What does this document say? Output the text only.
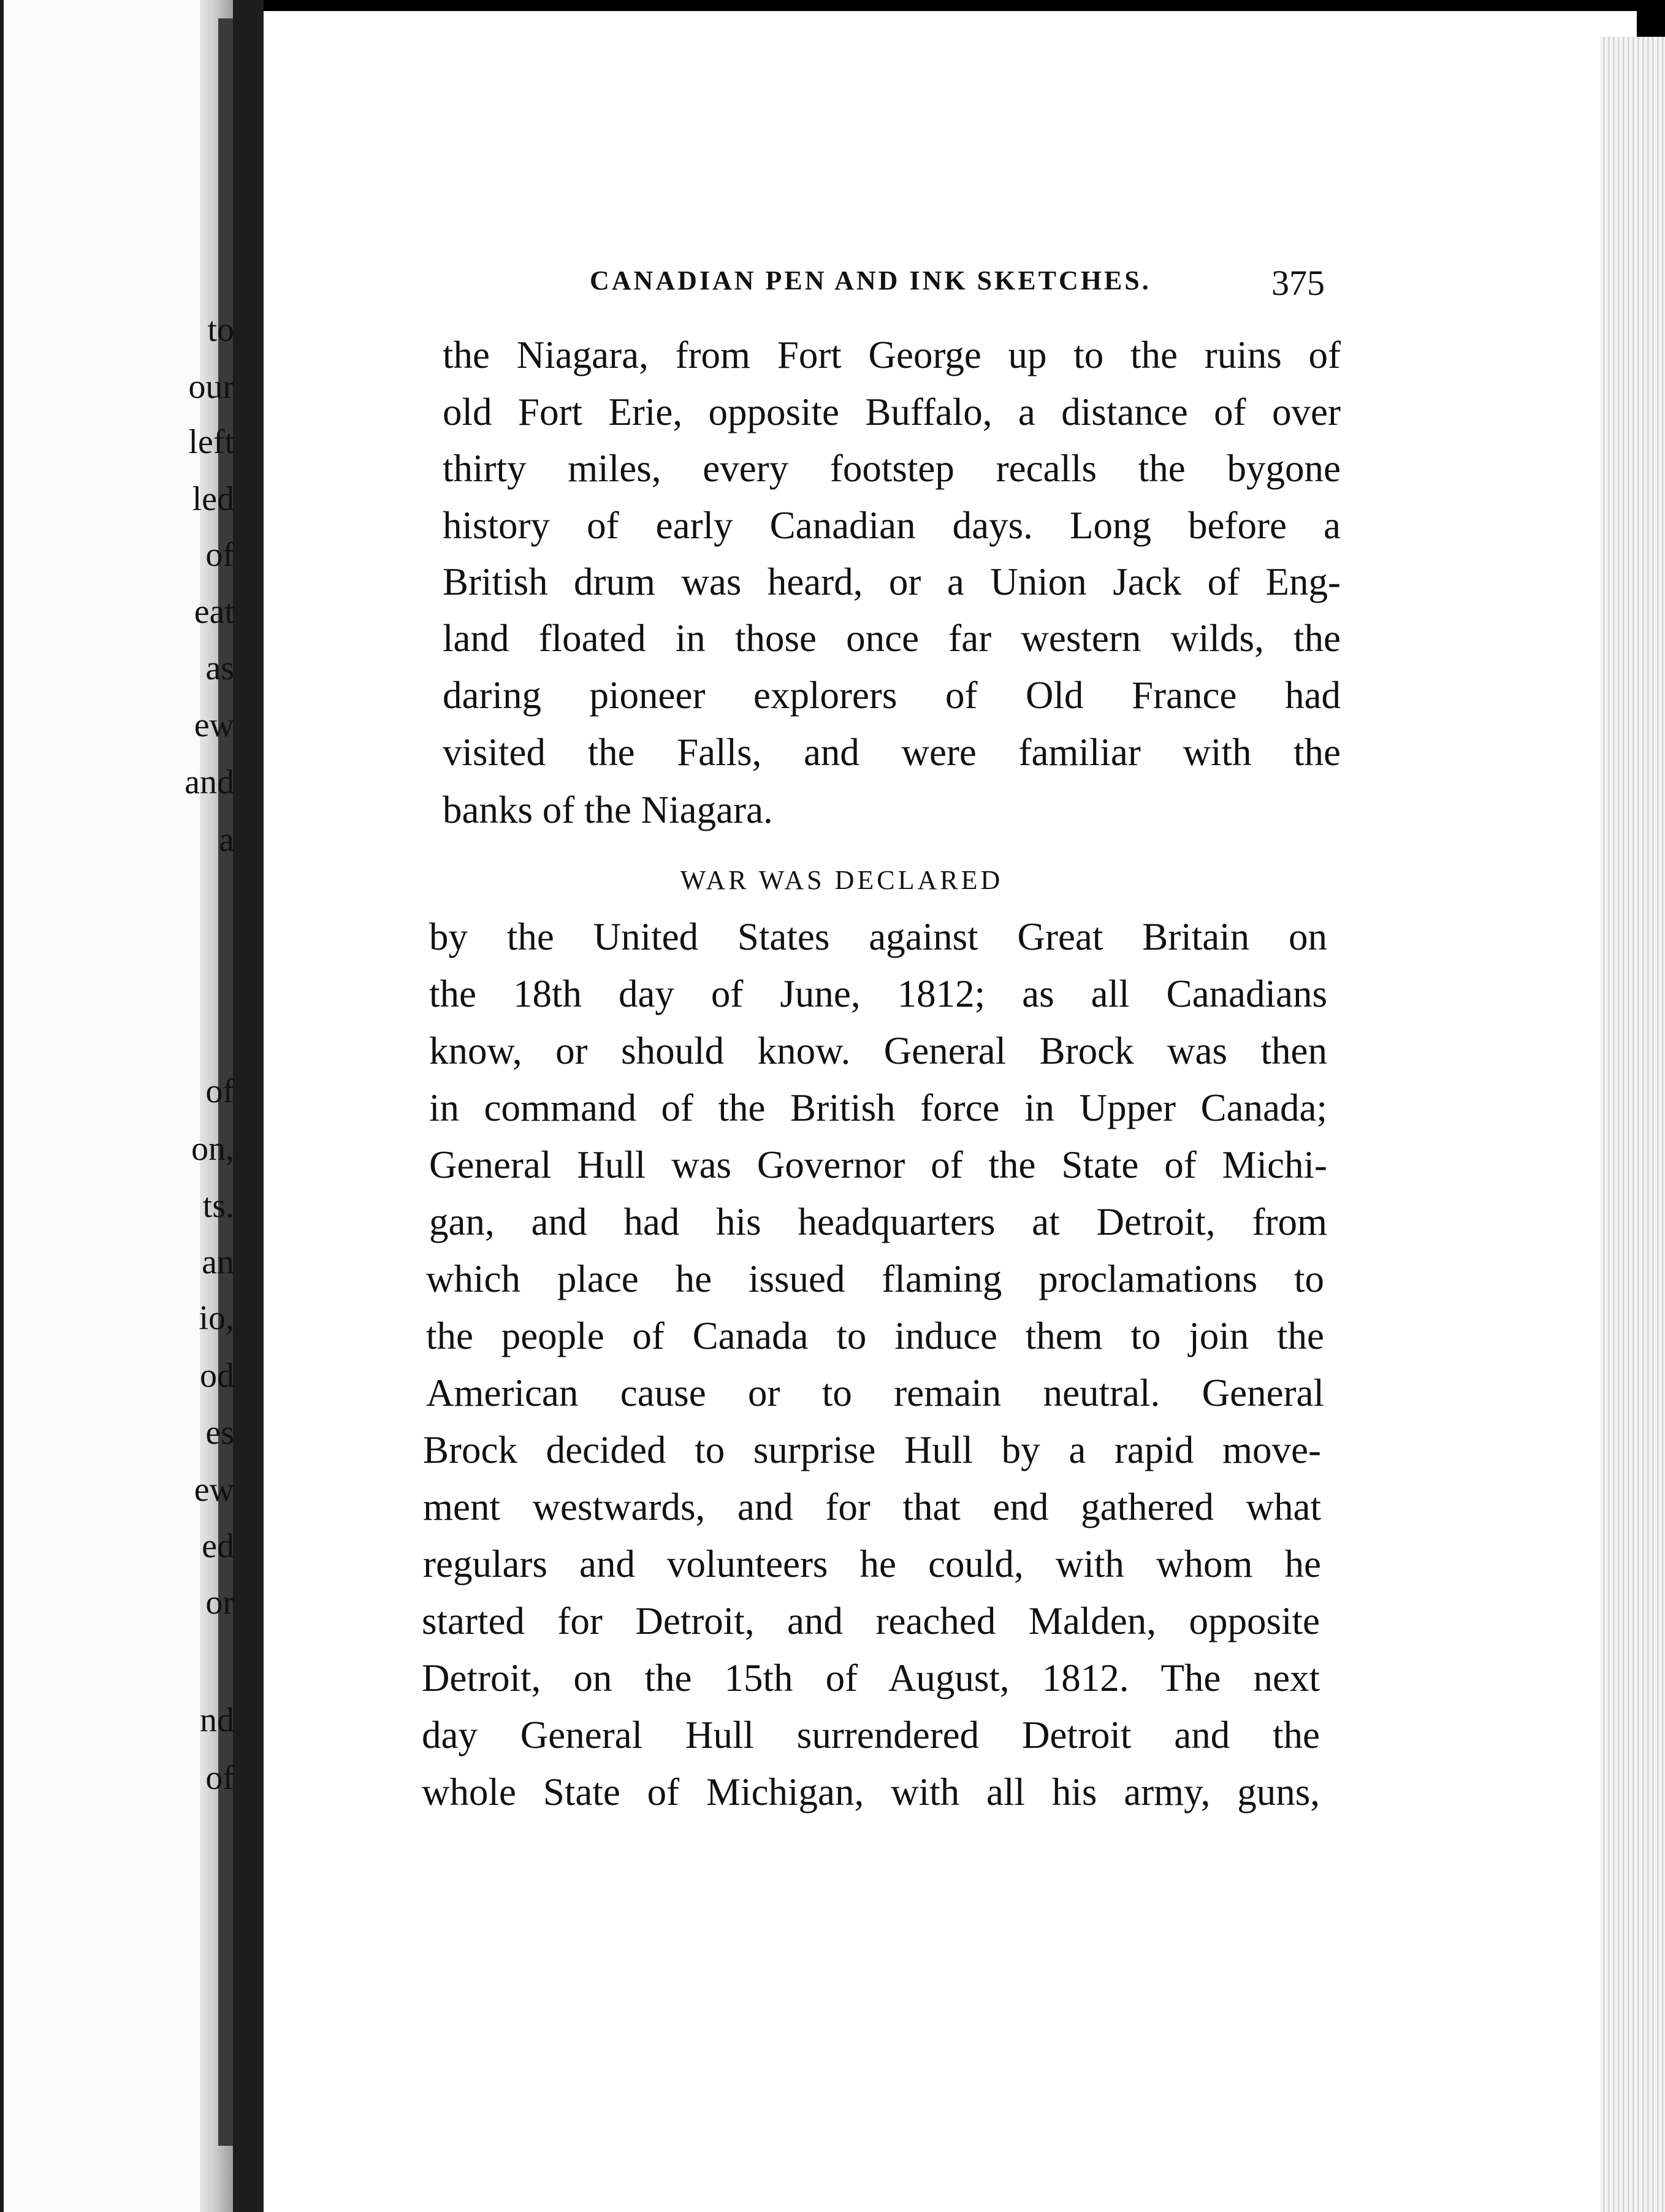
to
our
left
led
of
eat
as
ew
and
a
of
on,
ts.
an
io,
od
es
ew
ed
or
nd
of
CANADIAN PEN AND INK SKETCHES.	375
the Niagara, from Fort George up to the ruins of
old Fort Erie, opposite Buffalo, a distance of over
thirty miles, every footstep recalls the bygone
history of early Canadian days. Long before a
British drum was heard, or a Union Jack of Eng-
land floated in those once far western wilds, the
daring pioneer explorers of Old France had
visited the Falls, and were familiar with the
banks of the Niagara.
WAR WAS DECLARED
by the United States against Great Britain on
the 18th day of June, 1812; as all Canadians
know, or should know. General Brock was then
in command of the British force in Upper Canada;
General Hull was Governor of the State of Michi-
gan, and had his headquarters at Detroit, from
which place he issued flaming proclamations to
the people of Canada to induce them to join the
American cause or to remain neutral. General
Brock decided to surprise Hull by a rapid move-
ment westwards, and for that end gathered what
regulars and volunteers he could, with whom he
started for Detroit, and reached Malden, opposite
Detroit, on the 15th of August, 1812. The next
day General Hull surrendered Detroit and the
whole State of Michigan, with all his army, guns,
